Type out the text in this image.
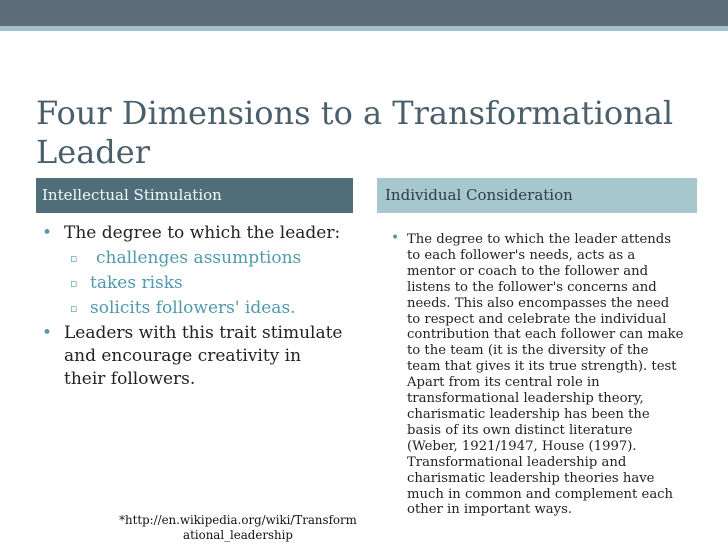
Four Dimensions to a Transformational
Leader
Intellectual Stimulation	Individual Consideration
• The degree to which the leader:
▫	challenges assumptions
▫ takes risks
▫ solicits followers' ideas.
• Leaders with this trait stimulate and encourage creativity in their followers.
• The degree to which the leader attends to each follower's needs, acts as a mentor or coach to the follower and listens to the follower's concerns and needs. This also encompasses the need to respect and celebrate the individual contribution that each follower can make to the team (it is the diversity of the team that gives it its true strength). test Apart from its central role in transformational leadership theory, charismatic leadership has been the basis of its own distinct literature (Weber, 1921/1947, House (1997). Transformational leadership and charismatic leadership theories have much in common and complement each other in important ways.
*http://en.wikipedia.org/wiki/Transform
ational_leadership
